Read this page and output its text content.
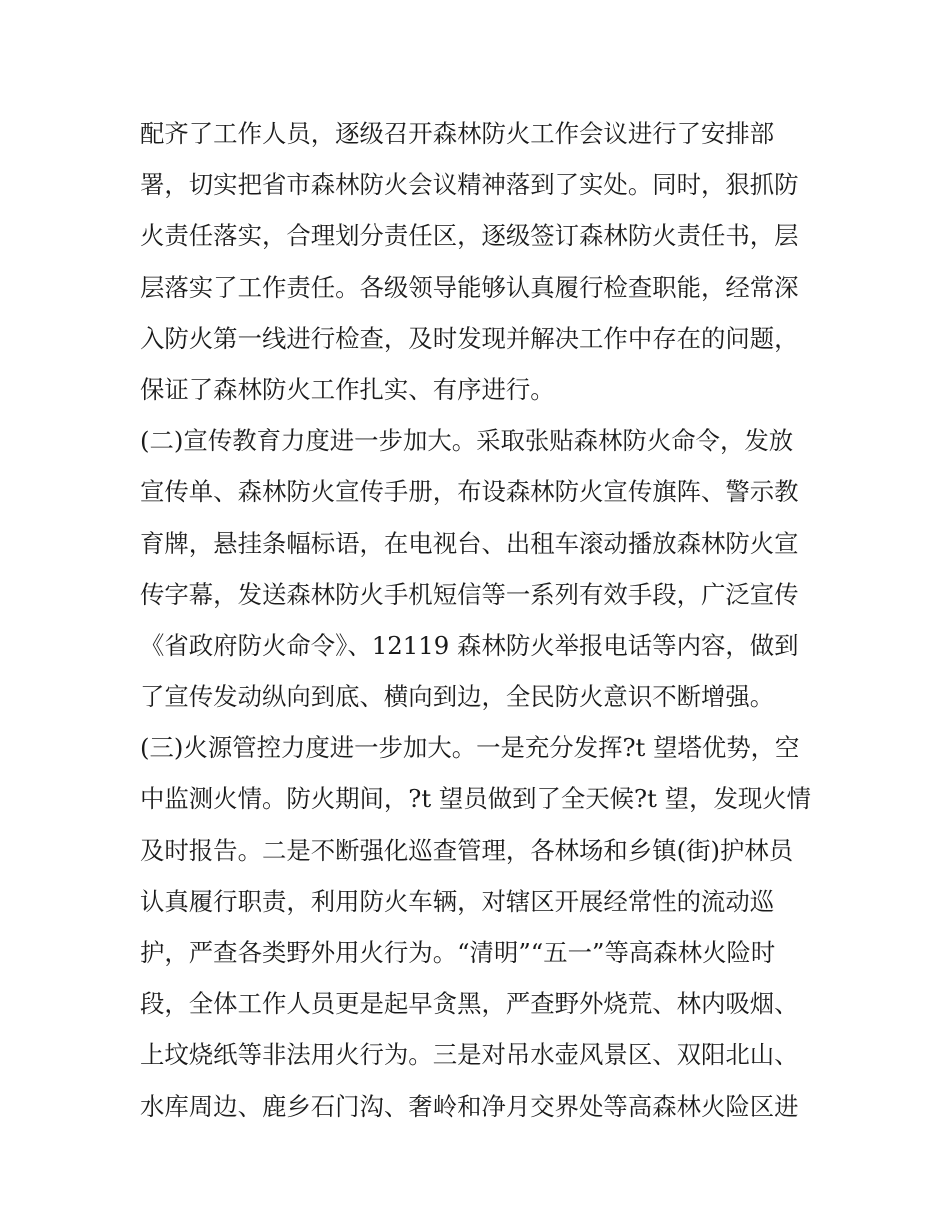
配齐了工作人员，逐级召开森林防火工作会议进行了安排部
署，切实把省市森林防火会议精神落到了实处。同时，狠抓防
火责任落实，合理划分责任区，逐级签订森林防火责任书，层
层落实了工作责任。各级领导能够认真履行检查职能，经常深
入防火第一线进行检查，及时发现并解决工作中存在的问题，
保证了森林防火工作扎实、有序进行。
(二)宣传教育力度进一步加大。采取张贴森林防火命令，发放
宣传单、森林防火宣传手册，布设森林防火宣传旗阵、警示教
育牌，悬挂条幅标语，在电视台、出租车滚动播放森林防火宣
传字幕，发送森林防火手机短信等一系列有效手段，广泛宣传
《省政府防火命令》、12119 森林防火举报电话等内容，做到
了宣传发动纵向到底、横向到边，全民防火意识不断增强。
(三)火源管控力度进一步加大。一是充分发挥?t 望塔优势，空
中监测火情。防火期间，?t 望员做到了全天候?t 望，发现火情
及时报告。二是不断强化巡查管理，各林场和乡镇(街)护林员
认真履行职责，利用防火车辆，对辖区开展经常性的流动巡
护，严查各类野外用火行为。“清明”“五一”等高森林火险时
段，全体工作人员更是起早贪黑，严查野外烧荒、林内吸烟、
上坟烧纸等非法用火行为。三是对吊水壶风景区、双阳北山、
水库周边、鹿乡石门沟、奢岭和净月交界处等高森林火险区进
